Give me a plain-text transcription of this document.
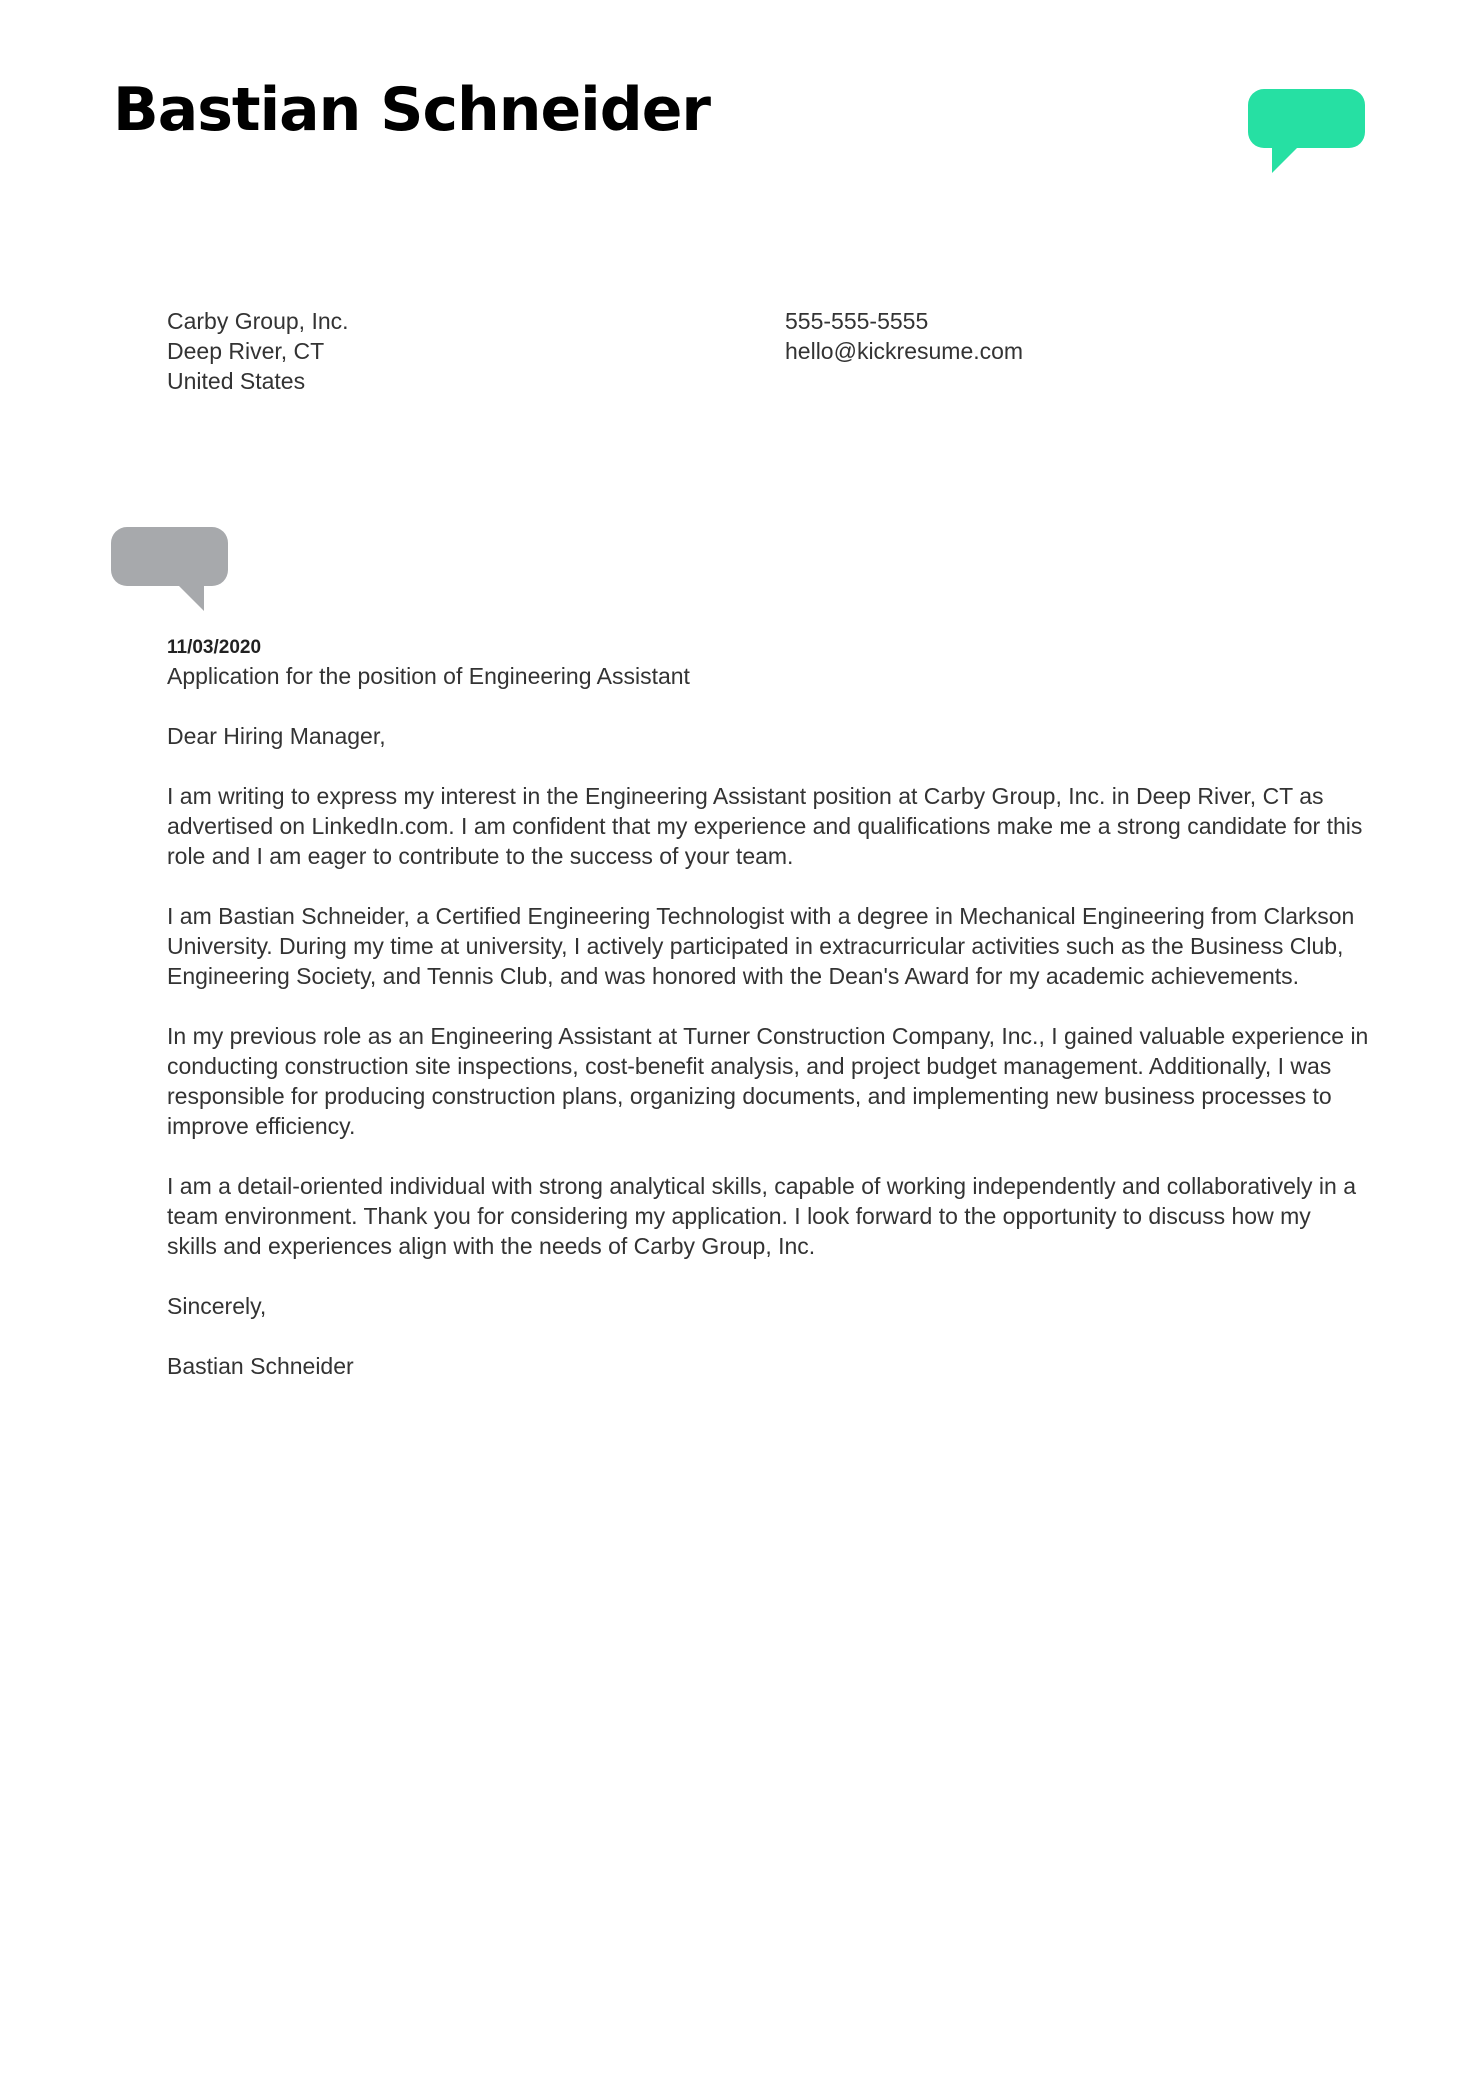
Bastian Schneider
Carby Group, Inc.
Deep River, CT
United States
555-555-5555
hello@kickresume.com
11/03/2020
Application for the position of Engineering Assistant
Dear Hiring Manager,
I am writing to express my interest in the Engineering Assistant position at Carby Group, Inc. in Deep River, CT as
advertised on LinkedIn.com. I am confident that my experience and qualifications make me a strong candidate for this
role and I am eager to contribute to the success of your team.
I am Bastian Schneider, a Certified Engineering Technologist with a degree in Mechanical Engineering from Clarkson
University. During my time at university, I actively participated in extracurricular activities such as the Business Club,
Engineering Society, and Tennis Club, and was honored with the Dean's Award for my academic achievements.
In my previous role as an Engineering Assistant at Turner Construction Company, Inc., I gained valuable experience in
conducting construction site inspections, cost-benefit analysis, and project budget management. Additionally, I was
responsible for producing construction plans, organizing documents, and implementing new business processes to
improve efficiency.
I am a detail-oriented individual with strong analytical skills, capable of working independently and collaboratively in a
team environment. Thank you for considering my application. I look forward to the opportunity to discuss how my
skills and experiences align with the needs of Carby Group, Inc.
Sincerely,
Bastian Schneider
